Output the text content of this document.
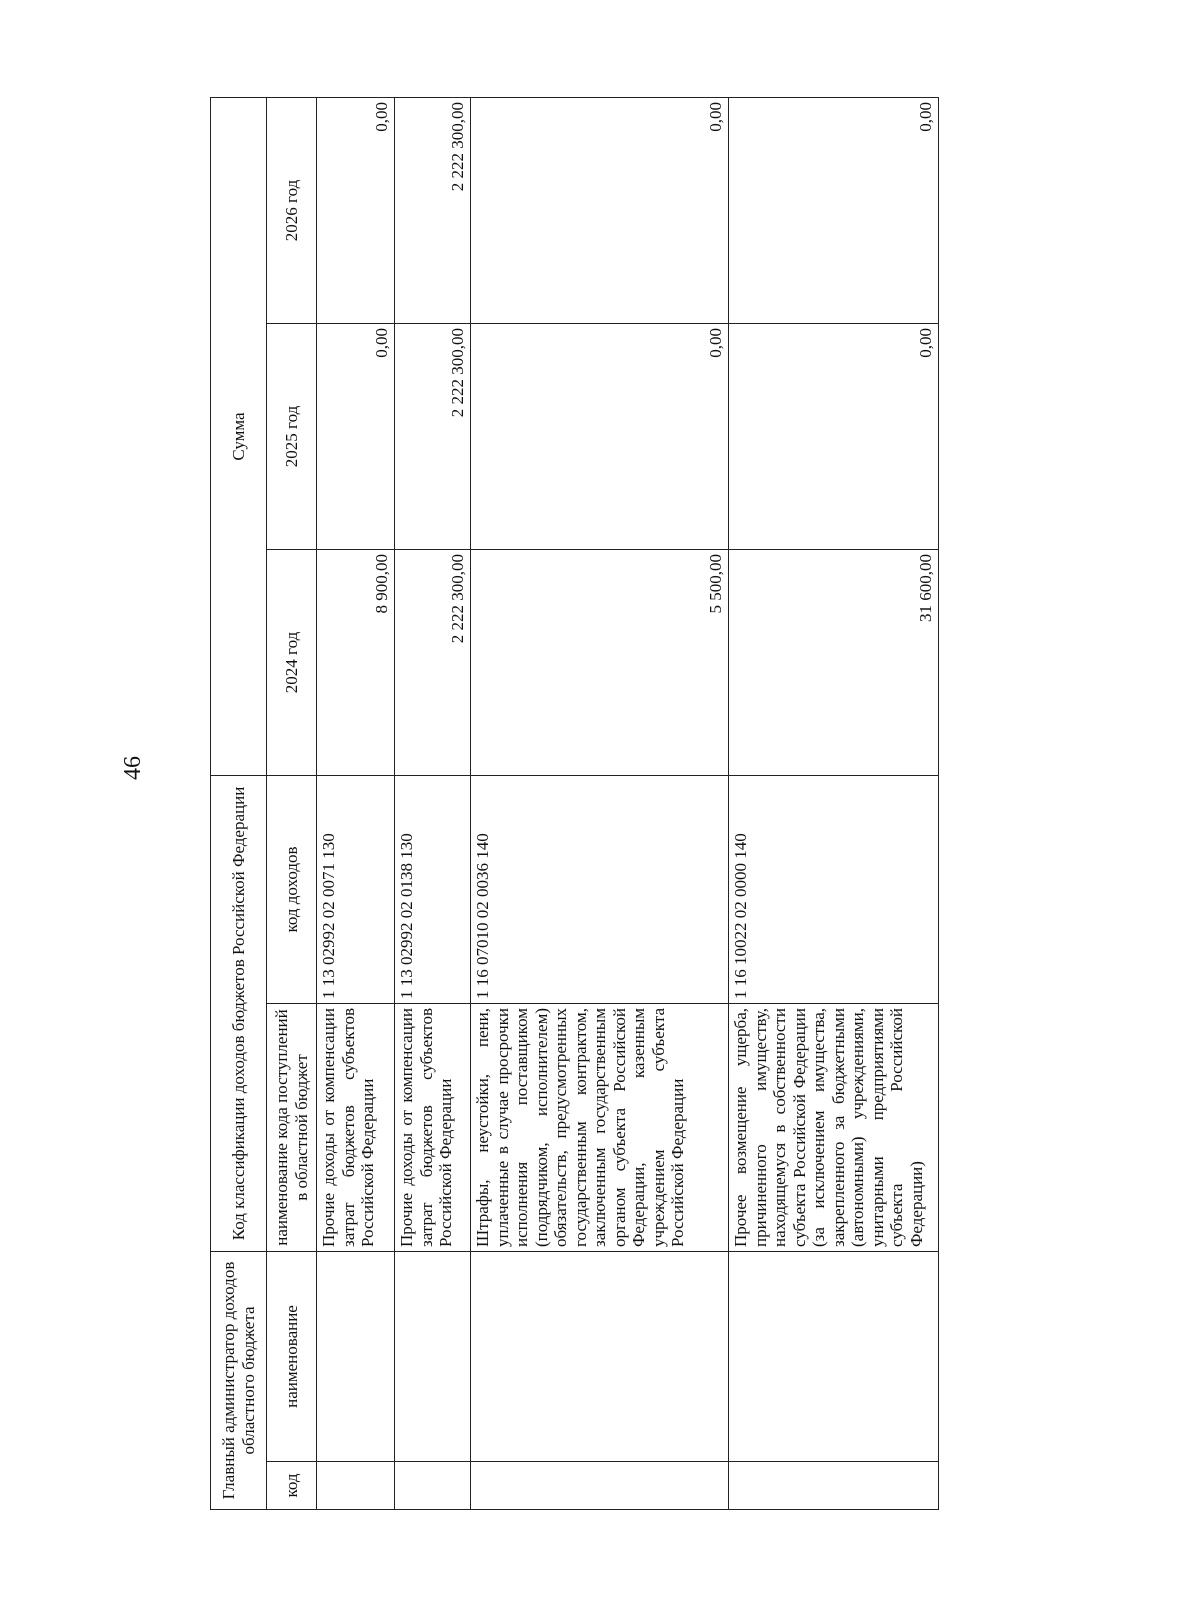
46
Главный администратор доходов областного бюджета		Код классификации доходов бюджетов Российской Федерации		Сумма		
код	наименование	наименование кода поступлений в областной бюджет	код доходов	2024 год	2025 год	2026 год
		Прочие доходы от компенсации затрат бюджетов субъектов Российской Федерации	1 13 02992 02 0071 130	8 900,00	0,00	0,00
		Прочие доходы от компенсации затрат бюджетов субъектов Российской Федерации	1 13 02992 02 0138 130	2 222 300,00	2 222 300,00	2 222 300,00
		Штрафы, неустойки, пени, уплаченные в случае просрочки исполнения поставщиком (подрядчиком, исполнителем) обязательств, предусмотренных государственным контрактом, заключенным государственным органом субъекта Российской Федерации, казенным учреждением субъекта Российской Федерации	1 16 07010 02 0036 140	5 500,00	0,00	0,00
		Прочее возмещение ущерба, причиненного имуществу, находящемуся в собственности субъекта Российской Федерации (за исключением имущества, закрепленного за бюджетными (автономными) учреждениями, унитарными предприятиями субъекта Российской Федерации)	1 16 10022 02 0000 140	31 600,00	0,00	0,00
